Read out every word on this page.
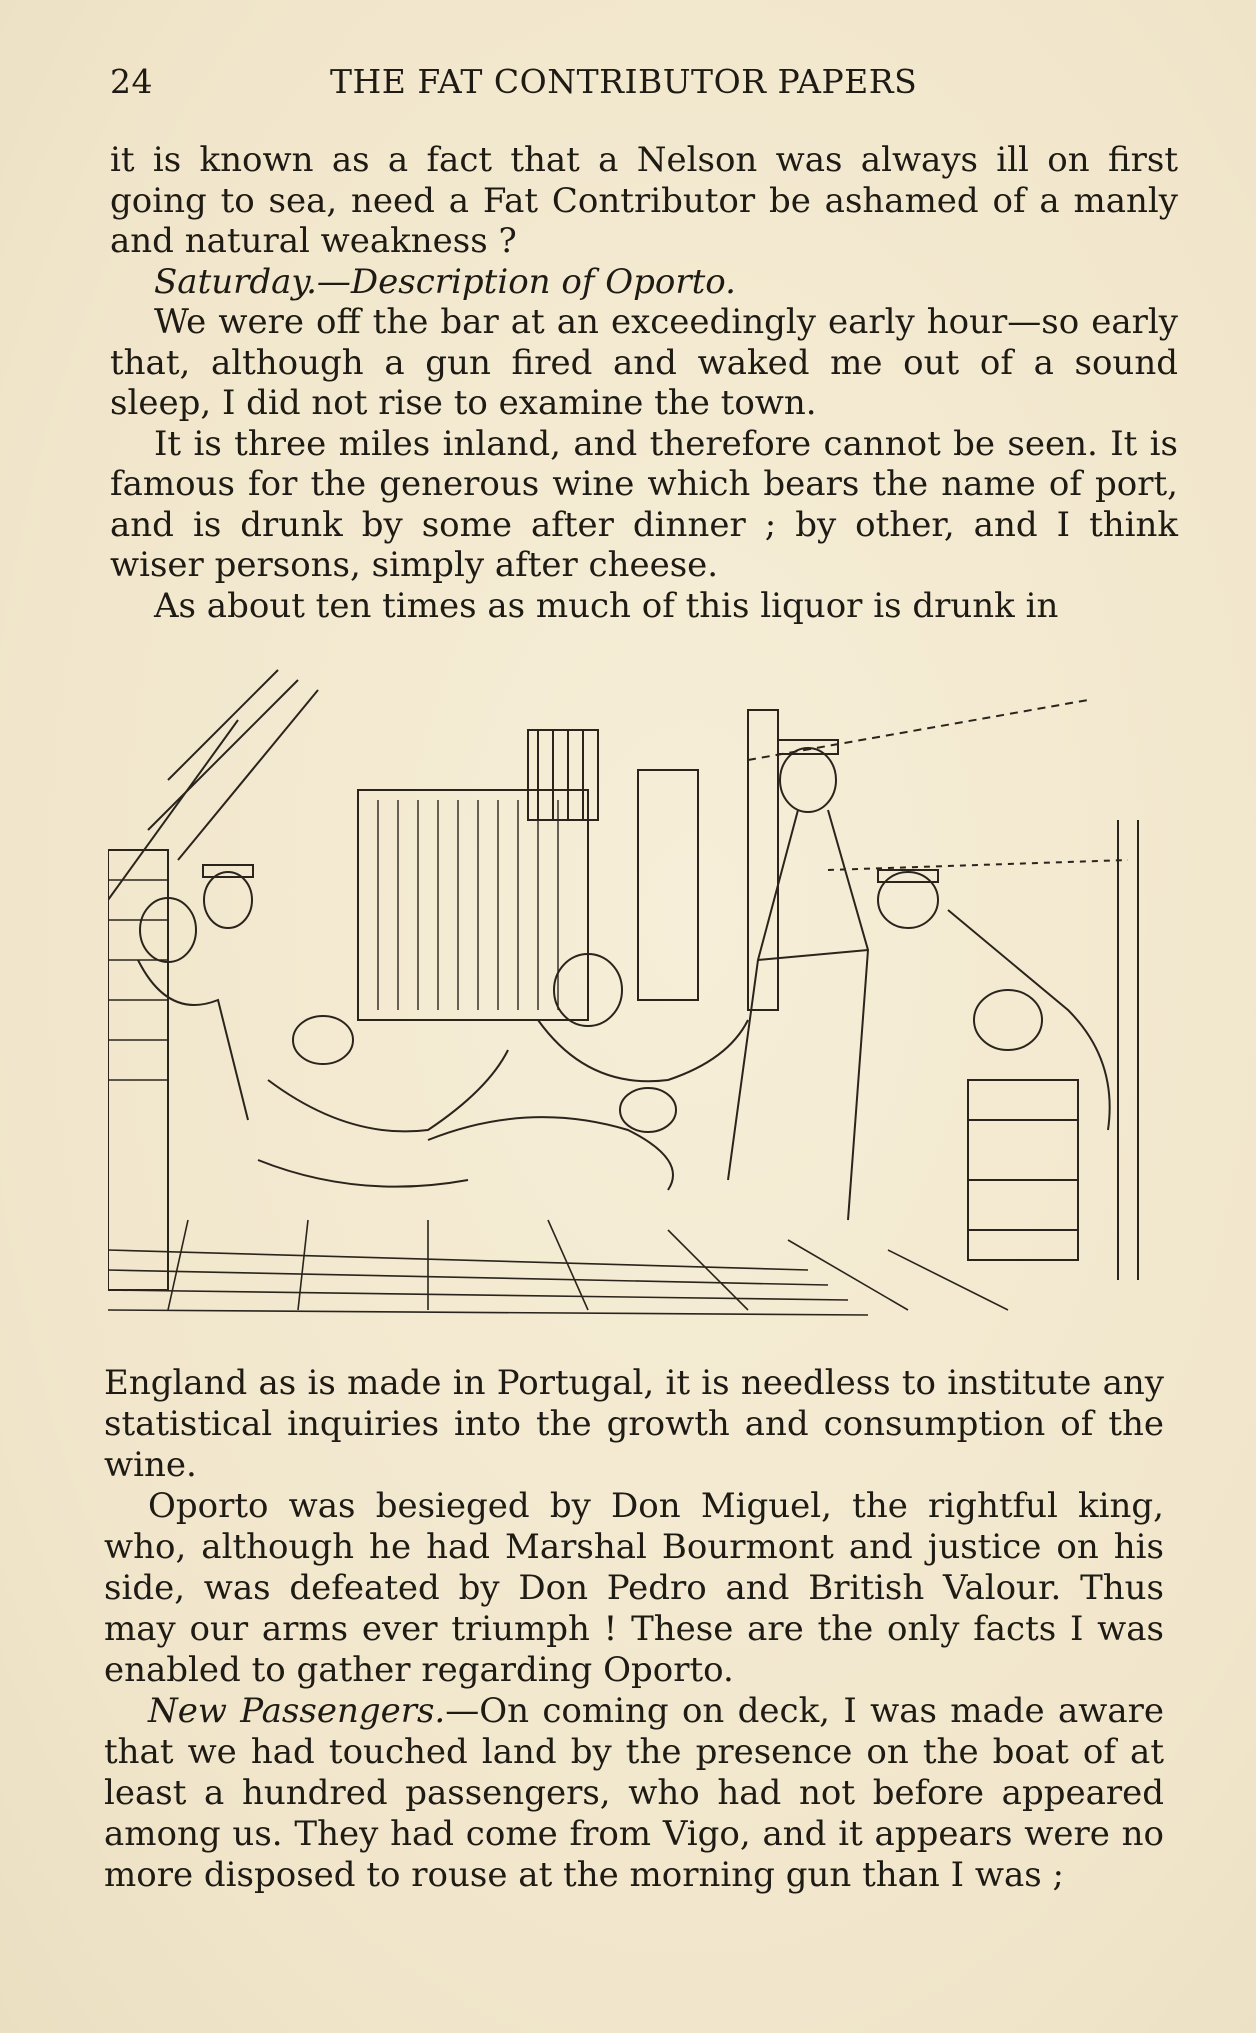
24	THE FAT CONTRIBUTOR PAPERS

it is known as a fact that a Nelson was always ill on first going to sea, need a Fat Contributor be ashamed of a manly and natural weakness ?

Saturday.—Description of Oporto.

We were off the bar at an exceedingly early hour—so early that, although a gun fired and waked me out of a sound sleep, I did not rise to examine the town.

It is three miles inland, and therefore cannot be seen. It is famous for the generous wine which bears the name of port, and is drunk by some after dinner ; by other, and I think wiser persons, simply after cheese.

As about ten times as much of this liquor is drunk in

England as is made in Portugal, it is needless to institute any statistical inquiries into the growth and consumption of the wine.

Oporto was besieged by Don Miguel, the rightful king, who, although he had Marshal Bourmont and justice on his side, was defeated by Don Pedro and British Valour. Thus may our arms ever triumph ! These are the only facts I was enabled to gather regarding Oporto.

New Passengers.—On coming on deck, I was made aware that we had touched land by the presence on the boat of at least a hundred passengers, who had not before appeared among us. They had come from Vigo, and it appears were no more disposed to rouse at the morning gun than I was ;
